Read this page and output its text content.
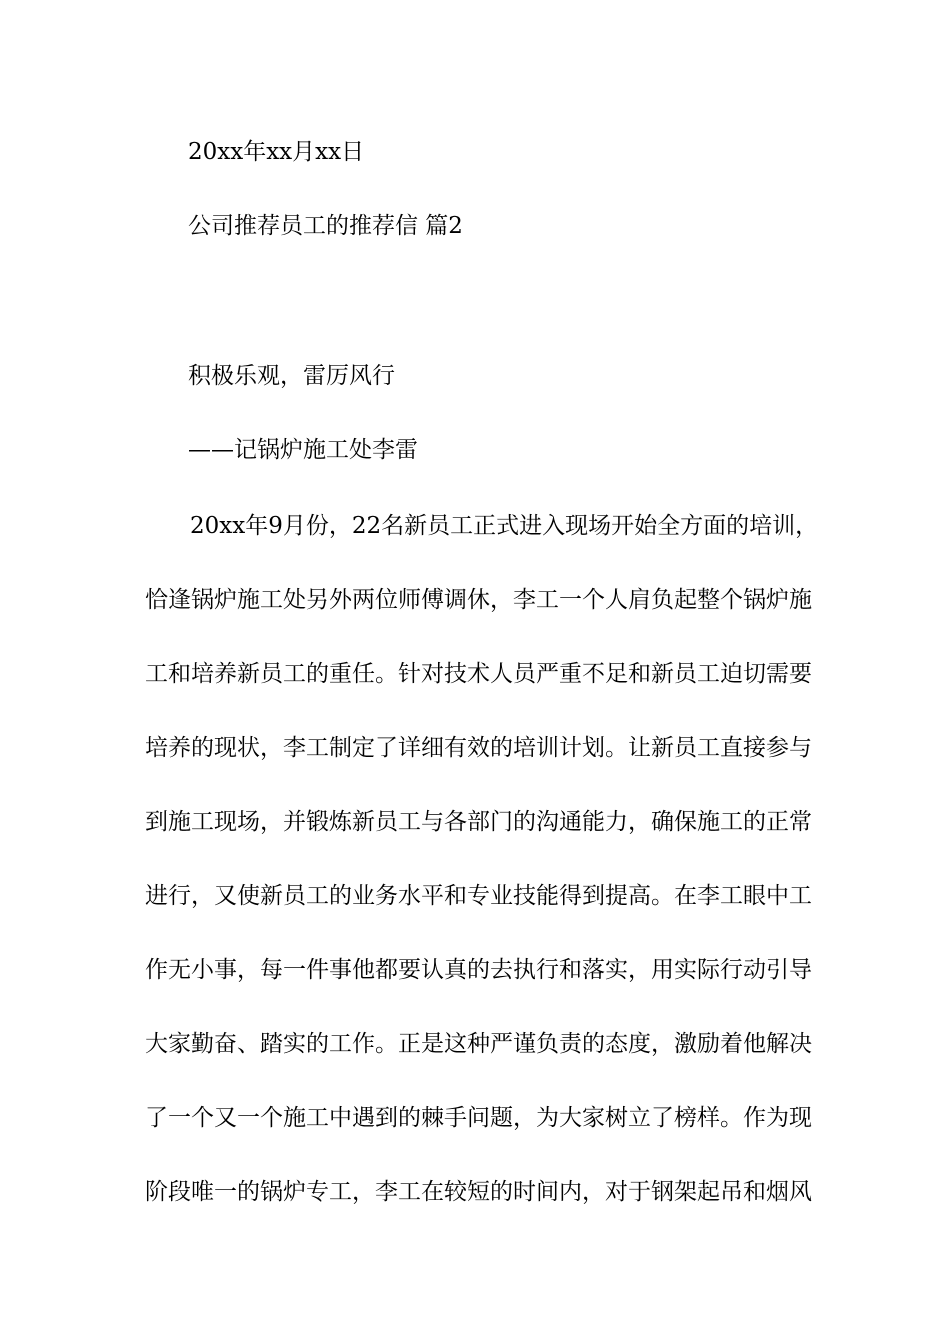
20xx年xx月xx日
公司推荐员工的推荐信 篇2
积极乐观，雷厉风行
——记锅炉施工处李雷
20xx年9月份，22名新员工正式进入现场开始全方面的培训，
恰逢锅炉施工处另外两位师傅调休，李工一个人肩负起整个锅炉施
工和培养新员工的重任。针对技术人员严重不足和新员工迫切需要
培养的现状，李工制定了详细有效的培训计划。让新员工直接参与
到施工现场，并锻炼新员工与各部门的沟通能力，确保施工的正常
进行，又使新员工的业务水平和专业技能得到提高。在李工眼中工
作无小事，每一件事他都要认真的去执行和落实，用实际行动引导
大家勤奋、踏实的工作。正是这种严谨负责的态度，激励着他解决
了一个又一个施工中遇到的棘手问题，为大家树立了榜样。作为现
阶段唯一的锅炉专工，李工在较短的时间内，对于钢架起吊和烟风
